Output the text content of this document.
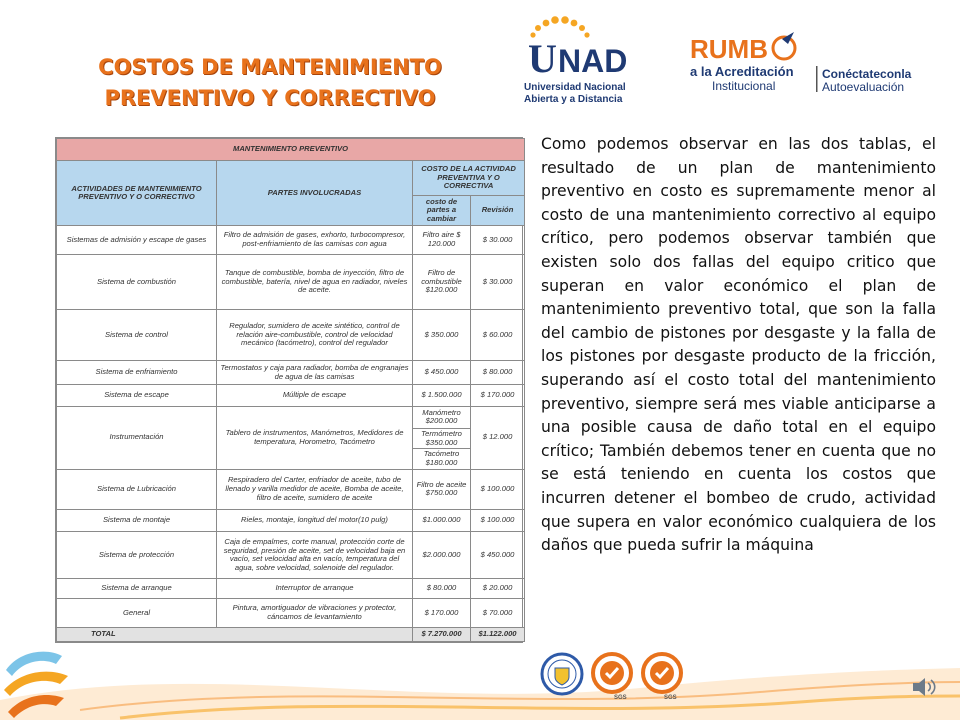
COSTOS DE MANTENIMIENTO
PREVENTIVO Y CORRECTIVO
U NAD
Universidad Nacional
Abierta y a Distancia
RUMB
a la Acreditación
Institucional
Conéctateconla
Autoevaluación
MANTENIMIENTO PREVENTIVO			
ACTIVIDADES DE MANTENIMIENTO PREVENTIVO Y O CORRECTIVO	PARTES INVOLUCRADAS	COSTO DE LA ACTIVIDAD PREVENTIVA Y O CORRECTIVA	
		costo de partes a cambiar	Revisión
Sistemas de admisión y escape de gases	Filtro de admisión de gases, exhorto, turbocompresor, post-enfriamiento de las camisas con agua	Filtro aire $ 120.000	$ 30.000
Sistema de combustión	Tanque de combustible, bomba de inyección, filtro de combustible, batería, nivel de agua en radiador, niveles de aceite.	Filtro de combustible $120.000	$ 30.000
Sistema de control	Regulador, sumidero de aceite sintético, control de relación aire-combustible, control de velocidad mecánico (tacómetro), control del regulador	$ 350.000	$ 60.000
Sistema de enfriamiento	Termostatos y caja para radiador, bomba de engranajes de agua de las camisas	$ 450.000	$ 80.000
Sistema de escape	Múltiple de escape	$ 1.500.000	$ 170.000
Instrumentación	Tablero de instrumentos, Manómetros, Medidores de temperatura, Horometro, Tacómetro	Manómetro $200.000	$ 12.000
		Termómetro $350.000	
		Tacómetro $180.000	
Sistema de Lubricación	Respiradero del Carter, enfriador de aceite, tubo de llenado y varilla medidor de aceite, Bomba de aceite, filtro de aceite, sumidero de aceite	Filtro de aceite $750.000	$ 100.000
Sistema de montaje	Rieles, montaje, longitud del motor(10 pulg)	$1.000.000	$ 100.000
Sistema de protección	Caja de empalmes, corte manual, protección corte de seguridad, presión de aceite, set de velocidad baja en vacío, set velocidad alta en vacío, temperatura del agua, sobre velocidad, solenoide del regulador.	$2.000.000	$ 450.000
Sistema de arranque	Interruptor de arranque	$ 80.000	$ 20.000
General	Pintura, amortiguador de vibraciones y protector, cáncamos de levantamiento	$ 170.000	$ 70.000
TOTAL		$ 7.270.000	$1.122.000
Como podemos observar en las dos tablas, el resultado de un plan de mantenimiento preventivo en costo es supremamente menor al costo de una mantenimiento correctivo al equipo crítico, pero podemos observar también que existen solo dos fallas del equipo critico que superan en valor económico el plan de mantenimiento preventivo total, que son la falla del cambio de pistones por desgaste y la falla de los pistones por desgaste producto de la fricción, superando así el costo total del mantenimiento preventivo, siempre será mes viable anticiparse a una posible causa de daño total en el equipo crítico; También debemos tener en cuenta que no se está teniendo en cuenta los costos que incurren detener el bombeo de crudo, actividad que supera en valor económico cualquiera de los daños que pueda sufrir la máquina
SGS	SGS
